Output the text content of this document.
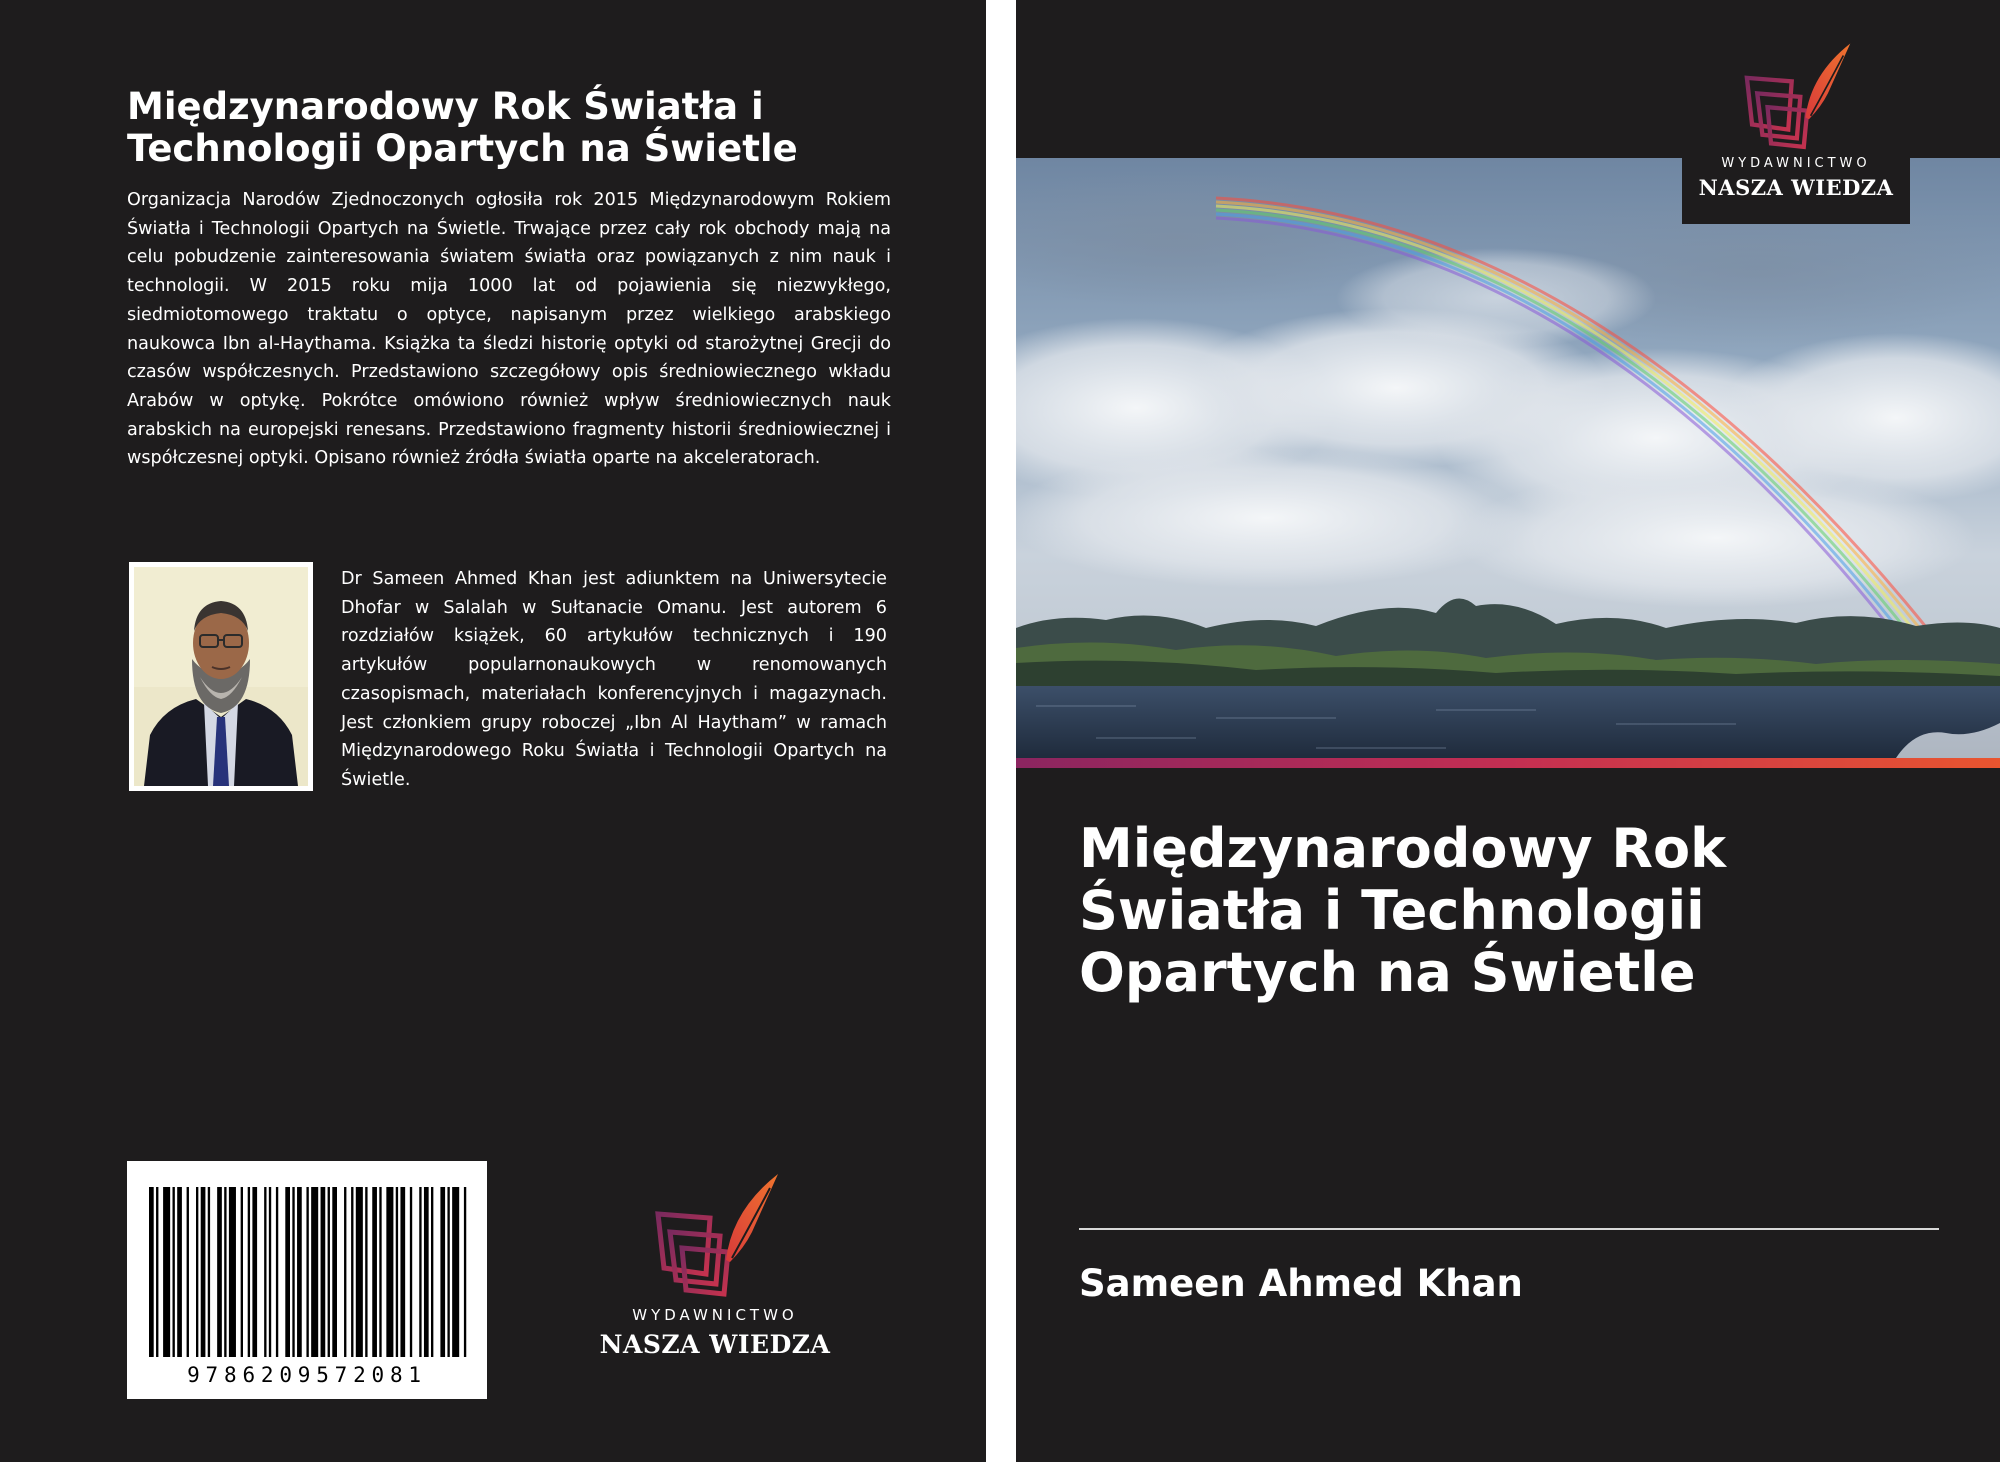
Międzynarodowy Rok Światła i Technologii Opartych na Świetle

Organizacja Narodów Zjednoczonych ogłosiła rok 2015 Międzynarodowym Rokiem Światła i Technologii Opartych na Świetle. Trwające przez cały rok obchody mają na celu pobudzenie zainteresowania światem światła oraz powiązanych z nim nauk i technologii. W 2015 roku mija 1000 lat od pojawienia się niezwykłego, siedmiotomowego traktatu o optyce, napisanym przez wielkiego arabskiego naukowca Ibn al-Haythama. Książka ta śledzi historię optyki od starożytnej Grecji do czasów współczesnych. Przedstawiono szczegółowy opis średniowiecznego wkładu Arabów w optykę. Pokrótce omówiono również wpływ średniowiecznych nauk arabskich na europejski renesans. Przedstawiono fragmenty historii średniowiecznej i współczesnej optyki. Opisano również źródła światła oparte na akceleratorach.

Dr Sameen Ahmed Khan jest adiunktem na Uniwersytecie Dhofar w Salalah w Sułtanacie Omanu. Jest autorem 6 rozdziałów książek, 60 artykułów technicznych i 190 artykułów popularnonaukowych w renomowanych czasopismach, materiałach konferencyjnych i magazynach. Jest członkiem grupy roboczej „Ibn Al Haytham” w ramach Międzynarodowego Roku Światła i Technologii Opartych na Świetle.

9786209572081
WYDAWNICTWO
NASZA WIEDZA
WYDAWNICTWO
NASZA WIEDZA
Międzynarodowy Rok Światła i Technologii Opartych na Świetle

Sameen Ahmed Khan
